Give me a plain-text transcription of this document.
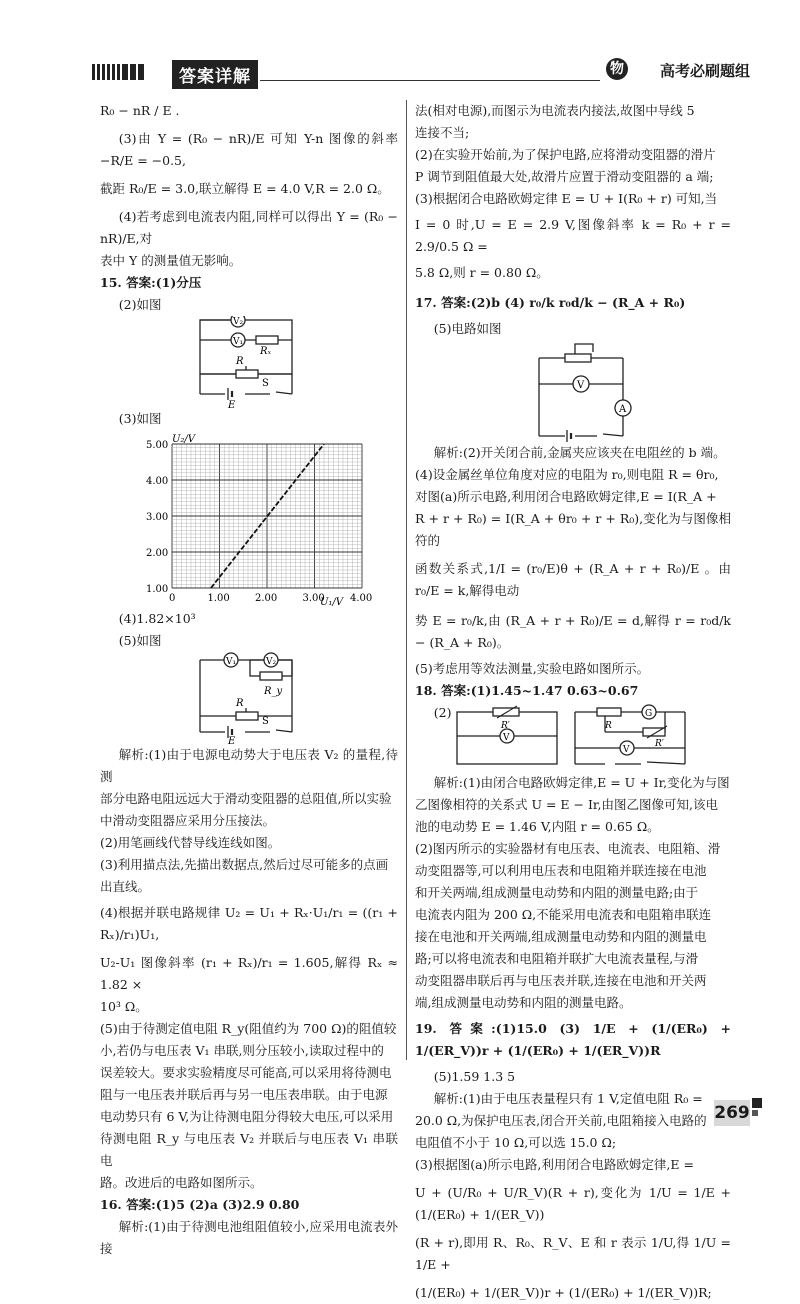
答案详解	物理
高考必刷题组

R₀ − nR / E .

(3)由 Y = (R₀ − nR)/E 可知 Y-n 图像的斜率 −R/E = −0.5,

截距 R₀/E = 3.0,联立解得 E = 4.0 V,R = 2.0 Ω。

(4)若考虑到电流表内阻,同样可以得出 Y = (R₀ − nR)/E,对

表中 Y 的测量值无影响。

15. 答案:(1)分压

(2)如图

V₂
V₁
Rₓ
R
S
E

(3)如图

U₂/V
U₁/V
1.00
2.00
3.00
4.00
5.00
0	1.00	2.00	3.00	4.00

(4)1.82×10³

(5)如图

V₁	V₂
R_y
R
S
E

解析:(1)由于电源电动势大于电压表 V₂ 的量程,待测

部分电路电阻远远大于滑动变阻器的总阻值,所以实验

中滑动变阻器应采用分压接法。

(2)用笔画线代替导线连线如图。

(3)利用描点法,先描出数据点,然后过尽可能多的点画

出直线。

(4)根据并联电路规律 U₂ = U₁ + Rₓ·U₁/r₁ = ((r₁ + Rₓ)/r₁)U₁,

U₂-U₁ 图像斜率 (r₁ + Rₓ)/r₁ = 1.605,解得 Rₓ ≈ 1.82 ×

10³ Ω。

(5)由于待测定值电阻 R_y(阻值约为 700 Ω)的阻值较

小,若仍与电压表 V₁ 串联,则分压较小,读取过程中的

误差较大。要求实验精度尽可能高,可以采用将待测电

阻与一电压表并联后再与另一电压表串联。由于电源

电动势只有 6 V,为让待测电阻分得较大电压,可以采用

待测电阻 R_y 与电压表 V₂ 并联后与电压表 V₁ 串联电

路。改进后的电路如图所示。

16. 答案:(1)5 (2)a (3)2.9 0.80

解析:(1)由于待测电池组阻值较小,应采用电流表外接

法(相对电源),而图示为电流表内接法,故图中导线 5

连接不当;

(2)在实验开始前,为了保护电路,应将滑动变阻器的滑片

P 调节到阻值最大处,故滑片应置于滑动变阻器的 a 端;

(3)根据闭合电路欧姆定律 E = U + I(R₀ + r) 可知,当

I = 0 时,U = E = 2.9 V,图像斜率 k = R₀ + r = 2.9/0.5 Ω =

5.8 Ω,则 r = 0.80 Ω。

17. 答案:(2)b (4) r₀/k r₀d/k − (R_A + R₀)

(5)电路如图

V
A

解析:(2)开关闭合前,金属夹应该夹在电阻丝的 b 端。

(4)设金属丝单位角度对应的电阻为 r₀,则电阻 R = θr₀,

对图(a)所示电路,利用闭合电路欧姆定律,E = I(R_A +

R + r + R₀) = I(R_A + θr₀ + r + R₀),变化为与图像相符的

函数关系式,1/I = (r₀/E)θ + (R_A + r + R₀)/E 。由 r₀/E = k,解得电动

势 E = r₀/k,由 (R_A + r + R₀)/E = d,解得 r = r₀d/k − (R_A + R₀)。

(5)考虑用等效法测量,实验电路如图所示。

18. 答案:(1)1.45~1.47 0.63~0.67

(2)

V
V
G
R′	R
R′

解析:(1)由闭合电路欧姆定律,E = U + Ir,变化为与图

乙图像相符的关系式 U = E − Ir,由图乙图像可知,该电

池的电动势 E = 1.46 V,内阻 r = 0.65 Ω。

(2)图丙所示的实验器材有电压表、电流表、电阻箱、滑

动变阻器等,可以利用电压表和电阻箱并联连接在电池

和开关两端,组成测量电动势和内阻的测量电路;由于

电流表内阻为 200 Ω,不能采用电流表和电阻箱串联连

接在电池和开关两端,组成测量电动势和内阻的测量电

路;可以将电流表和电阻箱并联扩大电流表量程,与滑

动变阻器串联后再与电压表并联,连接在电池和开关两

端,组成测量电动势和内阻的测量电路。

19. 答案:(1)15.0 (3) 1/E + (1/(ER₀) + 1/(ER_V))r + (1/(ER₀) + 1/(ER_V))R

(5)1.59 1.3 5

解析:(1)由于电压表量程只有 1 V,定值电阻 R₀ =

20.0 Ω,为保护电压表,闭合开关前,电阻箱接入电路的

电阻值不小于 10 Ω,可以选 15.0 Ω;

(3)根据图(a)所示电路,利用闭合电路欧姆定律,E =

U + (U/R₀ + U/R_V)(R + r),变化为 1/U = 1/E + (1/(ER₀) + 1/(ER_V))

(R + r),即用 R、R₀、R_V、E 和 r 表示 1/U,得 1/U = 1/E +

(1/(ER₀) + 1/(ER_V))r + (1/(ER₀) + 1/(ER_V))R;

269
